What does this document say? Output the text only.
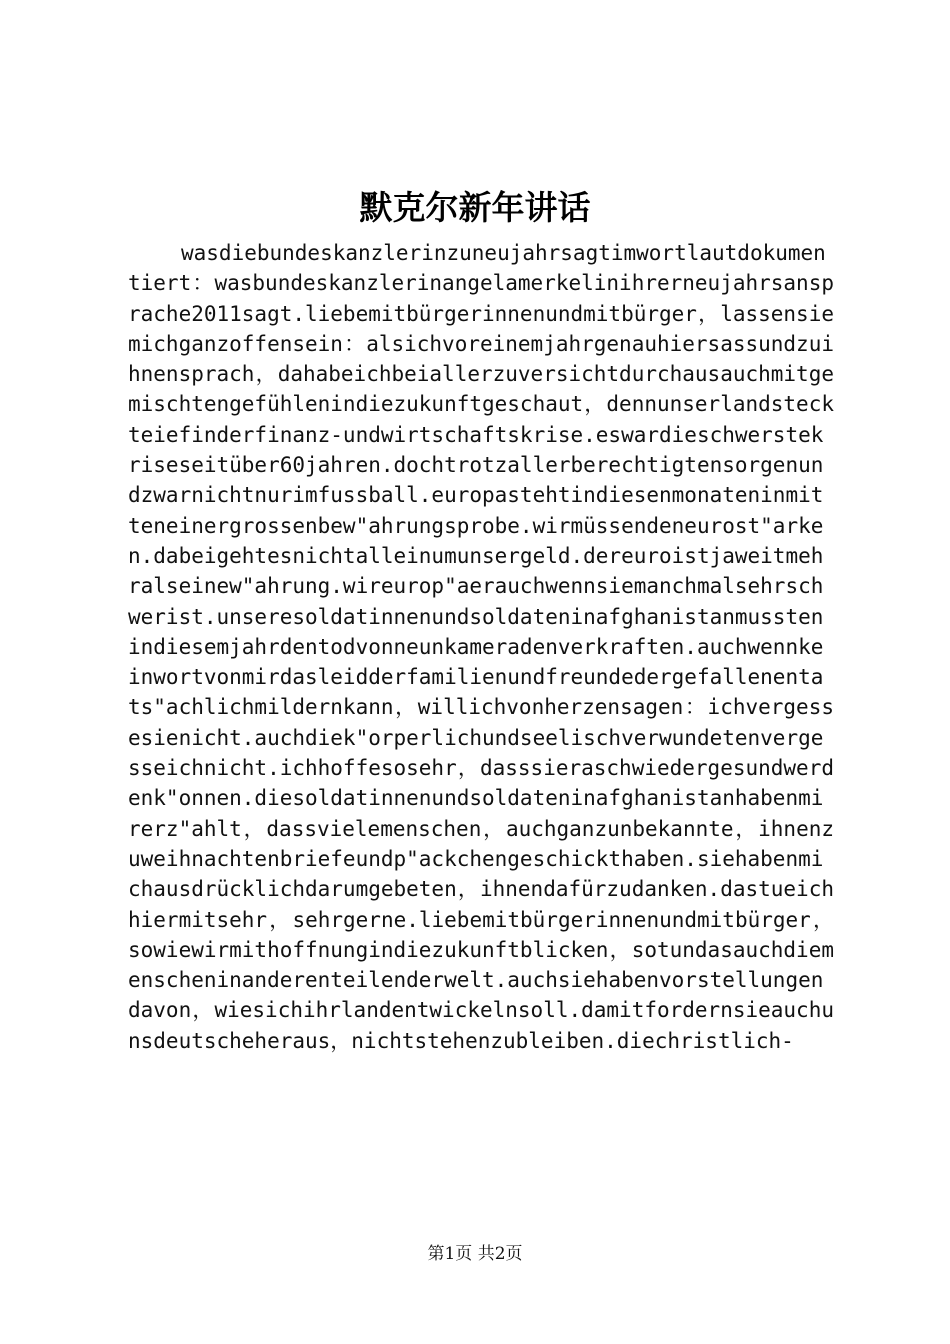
默克尔新年讲话

wasdiebundeskanzlerinzuneujahrsagtimwortlautdokumentiert：wasbundeskanzlerinangelamerkelinihrerneujahrsansprache2011sagt.liebemitbürgerinnenundmitbürger，lassensiemichganzoffensein：alsichvoreinemjahrgenauhiersassundzuihnensprach，dahabeichbeiallerzuversichtdurchausauchmitgemischtengefühlenindiezukunftgeschaut，dennunserlandsteckteiefinderfinanz-undwirtschaftskrise.eswardieschwerstekriseseitüber60jahren.dochtrotzallerberechtigtensorgenundzwarnichtnurimfussball.europastehtindiesenmonateninmitteneinergrossenbew"ahrungsprobe.wirmüssendeneurost"arken.dabeigehtesnichtalleinumunsergeld.dereuroistjaweitmehralseinew"ahrung.wireurop"aerauchwennsiemanchmalsehrschwerist.unseresoldatinnenundsoldateninafghanistanmusstenindiesemjahrdentodvonneunkameradenverkraften.auchwennkeinwortvonmirdasleidderfamilienundfreundedergefallenentats"achlichmildernkann，willichvonherzensagen：ichvergessesienicht.auchdiek"orperlichundseelischverwundetenvergesseichnicht.ichhoffesosehr，dasssieraschwiedergesundwerdenk"onnen.diesoldatinnenundsoldateninafghanistanhabenmirerz"ahlt，dassvielemenschen，auchganzunbekannte，ihnenzuweihnachtenbriefeundp"ackchengeschickthaben.siehabenmichausdrücklichdarumgebeten，ihnendafürzudanken.dastueichhiermitsehr，sehrgerne.liebemitbürgerinnenundmitbürger，sowiewirmithoffnungindiezukunftblicken，sotundasauchdiemenscheninanderenteilenderwelt.auchsiehabenvorstellungendavon，wiesichihrlandentwickelnsoll.damitfordernsieauchunsdeutscheheraus，nichtstehenzubleiben.diechristlich-

第1页 共2页
